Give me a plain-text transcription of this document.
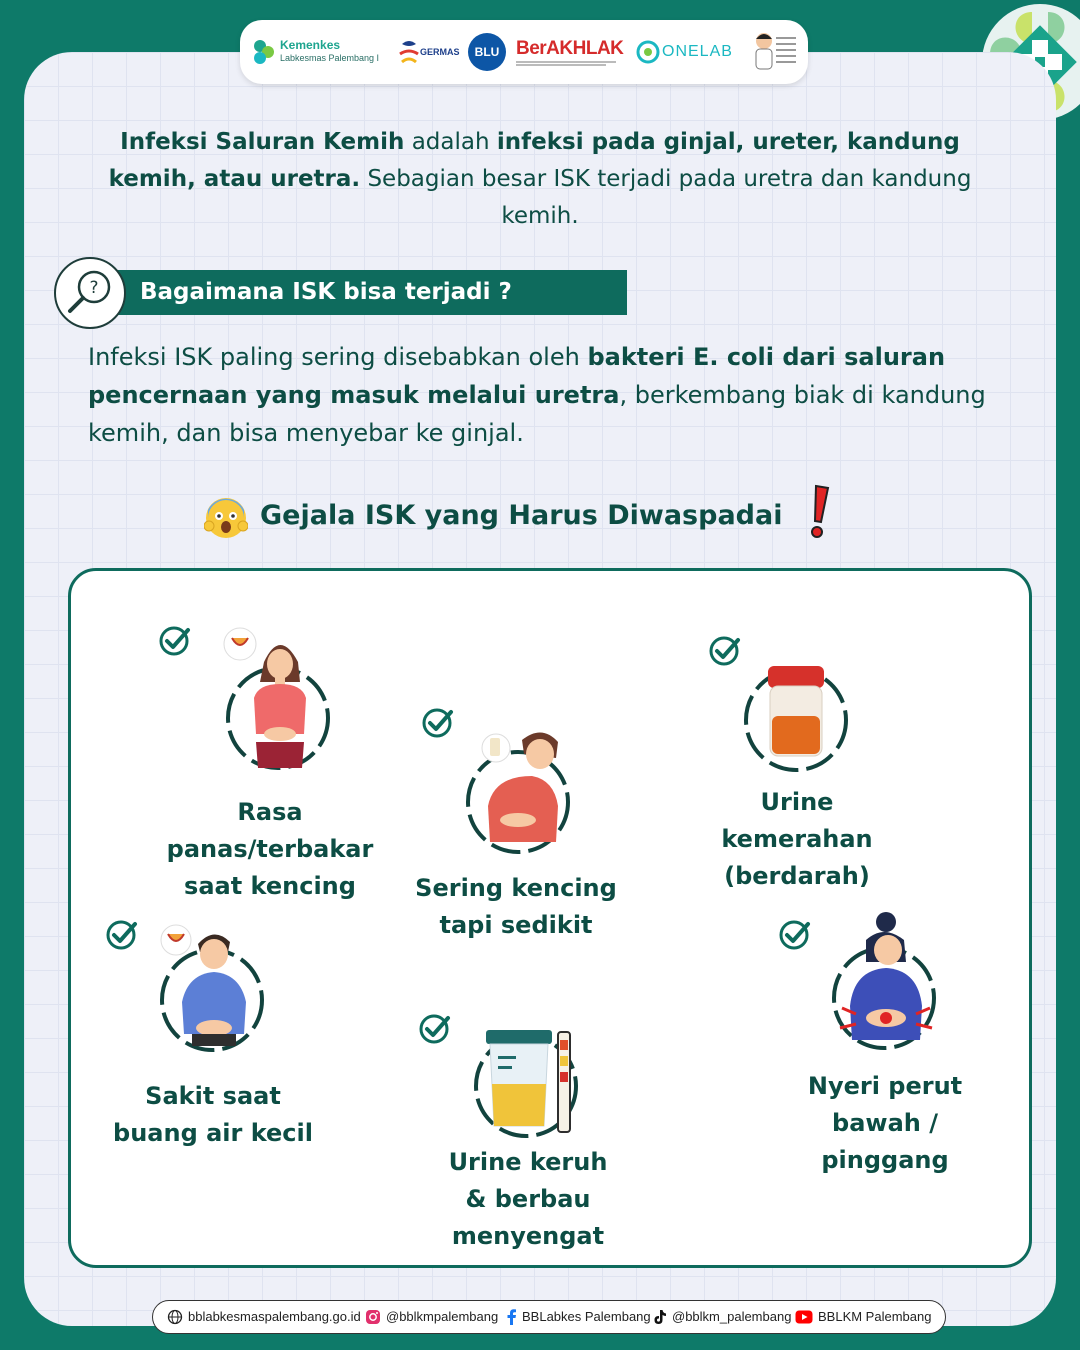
Kemenkes
Labkesmas Palembang I
GERMAS	BLU BerAKHLAK ONELAB
Infeksi Saluran Kemih adalah infeksi pada ginjal, ureter, kandung kemih, atau uretra. Sebagian besar ISK terjadi pada uretra dan kandung kemih.
Bagaimana ISK bisa terjadi ?
?
Infeksi ISK paling sering disebabkan oleh bakteri E. coli dari saluran pencernaan yang masuk melalui uretra, berkembang biak di kandung kemih, dan bisa menyebar ke ginjal.
Gejala ISK yang Harus Diwaspadai
Rasa panas/terbakar saat kencing	Sering kencing tapi sedikit
Urine kemerahan (berdarah)
Sakit saat buang air kecil
Urine keruh & berbau menyengat
Nyeri perut bawah / pinggang
bblabkesmaspalembang.go.id @bblkmpalembang BBLabkes Palembang @bblkm_palembang BBLKM Palembang
